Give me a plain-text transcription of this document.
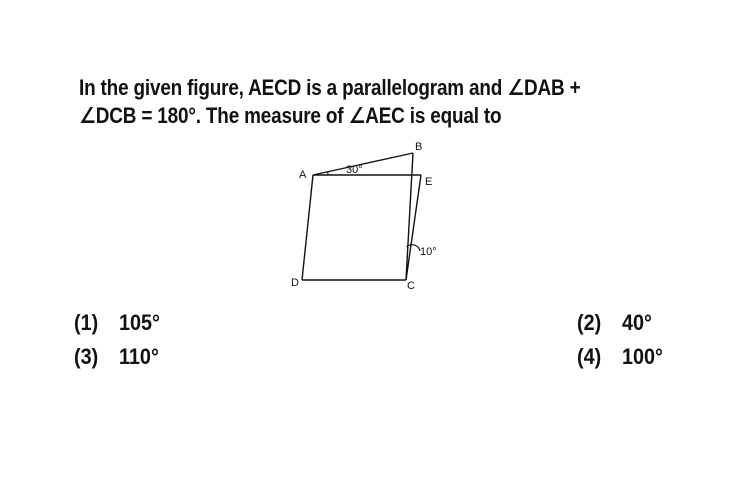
In the given figure, AECD is a parallelogram and ∠DAB +
∠DCB = 180°. The measure of ∠AEC is equal to
A
B
E
D	C
30°
10°
(1) 105°	(2) 40°
(3) 110°	(4) 100°
